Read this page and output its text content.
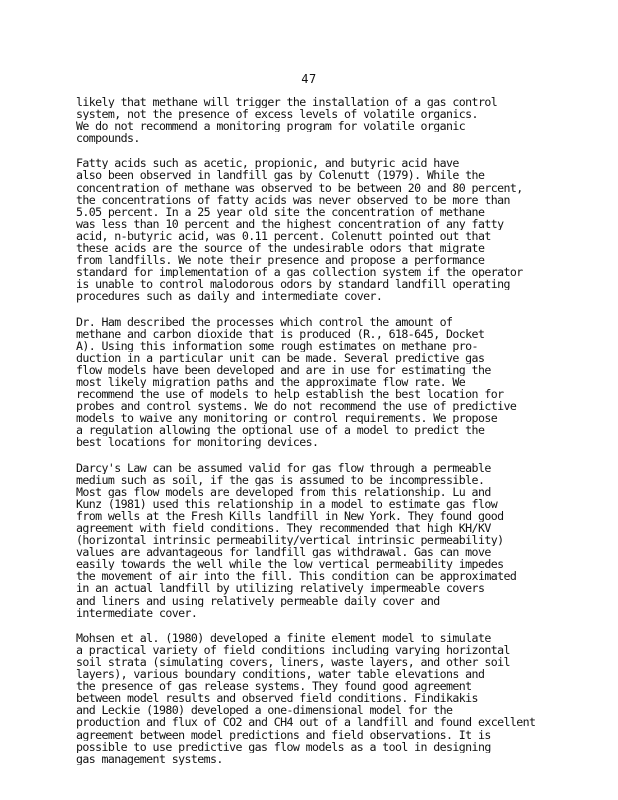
47
likely that methane will trigger the installation of a gas control
system, not the presence of excess levels of volatile organics.
We do not recommend a monitoring program for volatile organic
compounds.
Fatty acids such as acetic, propionic, and butyric acid have
also been observed in landfill gas by Colenutt (1979). While the
concentration of methane was observed to be between 20 and 80 percent,
the concentrations of fatty acids was never observed to be more than
5.05 percent. In a 25 year old site the concentration of methane
was less than 10 percent and the highest concentration of any fatty
acid, n-butyric acid, was 0.11 percent. Colenutt pointed out that
these acids are the source of the undesirable odors that migrate
from landfills. We note their presence and propose a performance
standard for implementation of a gas collection system if the operator
is unable to control malodorous odors by standard landfill operating
procedures such as daily and intermediate cover.
Dr. Ham described the processes which control the amount of
methane and carbon dioxide that is produced (R., 618-645, Docket
A). Using this information some rough estimates on methane pro-
duction in a particular unit can be made. Several predictive gas
flow models have been developed and are in use for estimating the
most likely migration paths and the approximate flow rate. We
recommend the use of models to help establish the best location for
probes and control systems. We do not recommend the use of predictive
models to waive any monitoring or control requirements. We propose
a regulation allowing the optional use of a model to predict the
best locations for monitoring devices.
Darcy's Law can be assumed valid for gas flow through a permeable
medium such as soil, if the gas is assumed to be incompressible.
Most gas flow models are developed from this relationship. Lu and
Kunz (1981) used this relationship in a model to estimate gas flow
from wells at the Fresh Kills landfill in New York. They found good
agreement with field conditions. They recommended that high KH/KV
(horizontal intrinsic permeability/vertical intrinsic permeability)
values are advantageous for landfill gas withdrawal. Gas can move
easily towards the well while the low vertical permeability impedes
the movement of air into the fill. This condition can be approximated
in an actual landfill by utilizing relatively impermeable covers
and liners and using relatively permeable daily cover and
intermediate cover.
Mohsen et al. (1980) developed a finite element model to simulate
a practical variety of field conditions including varying horizontal
soil strata (simulating covers, liners, waste layers, and other soil
layers), various boundary conditions, water table elevations and
the presence of gas release systems. They found good agreement
between model results and observed field conditions. Findikakis
and Leckie (1980) developed a one-dimensional model for the
production and flux of CO2 and CH4 out of a landfill and found excellent
agreement between model predictions and field observations. It is
possible to use predictive gas flow models as a tool in designing
gas management systems.
